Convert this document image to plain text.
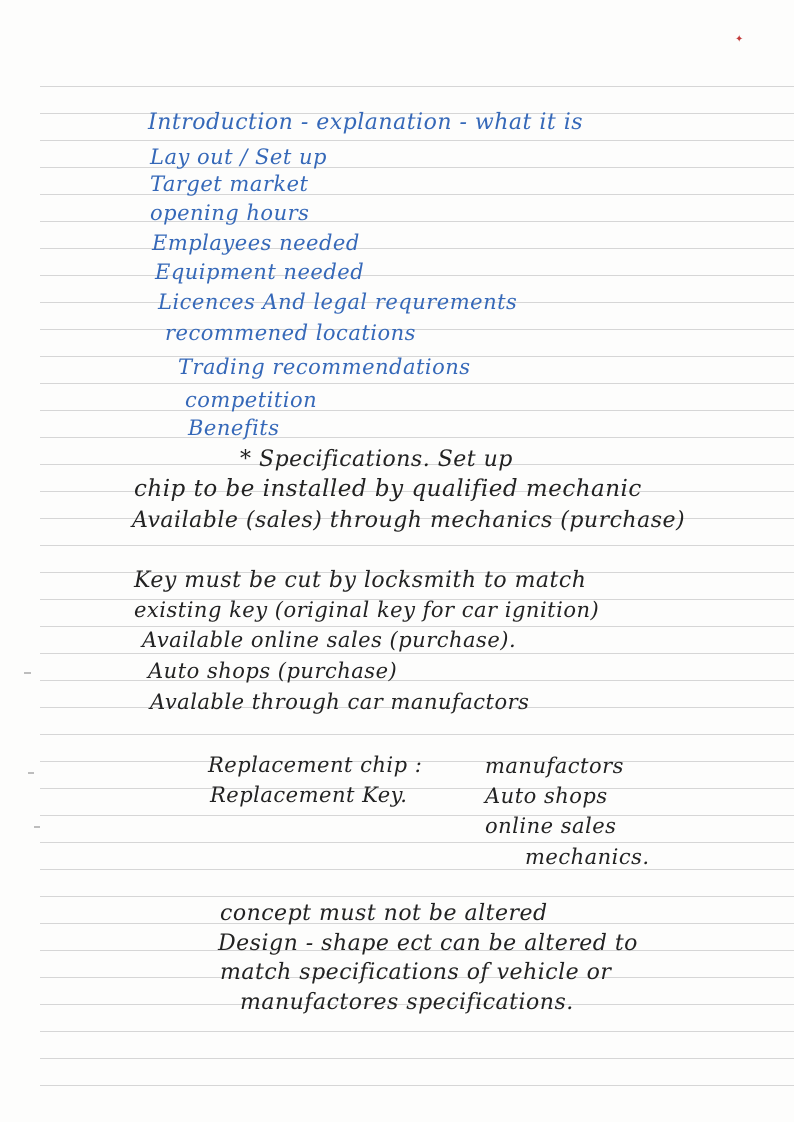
✦
Introduction - explanation - what it is
Lay out / Set up
Target market
opening hours
Emplayees needed
Equipment needed
Licences And legal requrements
recommened locations
Trading recommendations
competition
Benefits
* Specifications. Set up
chip to be installed by qualified mechanic
Available (sales) through mechanics (purchase)
Key must be cut by locksmith to match
existing key (original key for car ignition)
Available online sales (purchase).
Auto shops (purchase)
Avalable through car manufactors
Replacement chip :
Replacement Key.
manufactors
Auto shops
online sales
mechanics.
concept must not be altered
Design - shape ect can be altered to
match specifications of vehicle or
manufactores specifications.
